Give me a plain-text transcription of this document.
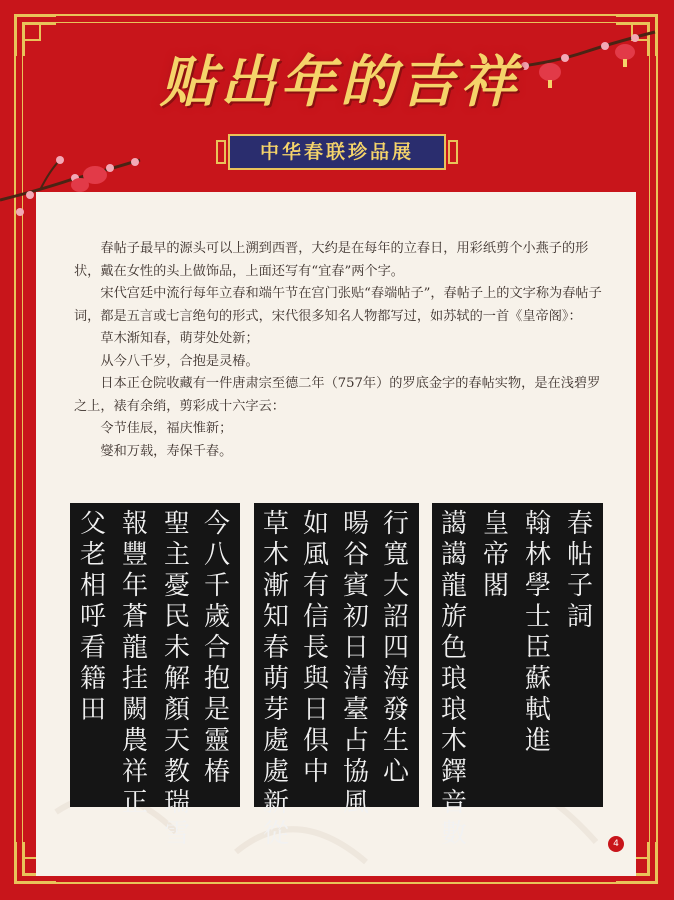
贴出年的吉祥
中华春联珍品展

春帖子最早的源头可以上溯到西晋，大约是在每年的立春日，用彩纸剪个小燕子的形状，戴在女性的头上做饰品，上面还写有“宜春”两个字。

宋代宫廷中流行每年立春和端午节在宫门张贴“春端帖子”，春帖子上的文字称为春帖子词，都是五言或七言绝句的形式，宋代很多知名人物都写过，如苏轼的一首《皇帝阁》：

草木渐知春，萌芽处处新；

从今八千岁，合抱是灵椿。

日本正仓院收藏有一件唐肃宗至德二年（757年）的罗底金字的春帖实物，是在浅碧罗之上，裱有余绡，剪彩成十六字云：

令节佳辰，福庆惟新；

燮和万载，寿保千春。

今八千歲合抱是靈椿
聖主憂民未解顏天教瑞雪
報豐年蒼龍挂闕農祥正
父老相呼看籍田
行寬大詔四海發生心
暘谷賓初日清臺占協風
如風有信長與日俱中
草木漸知春萌芽處處新從
春帖子詞
翰林學士臣蘇軾進
皇帝閣
譪譪龍旂色琅琅木鐸音數	4
